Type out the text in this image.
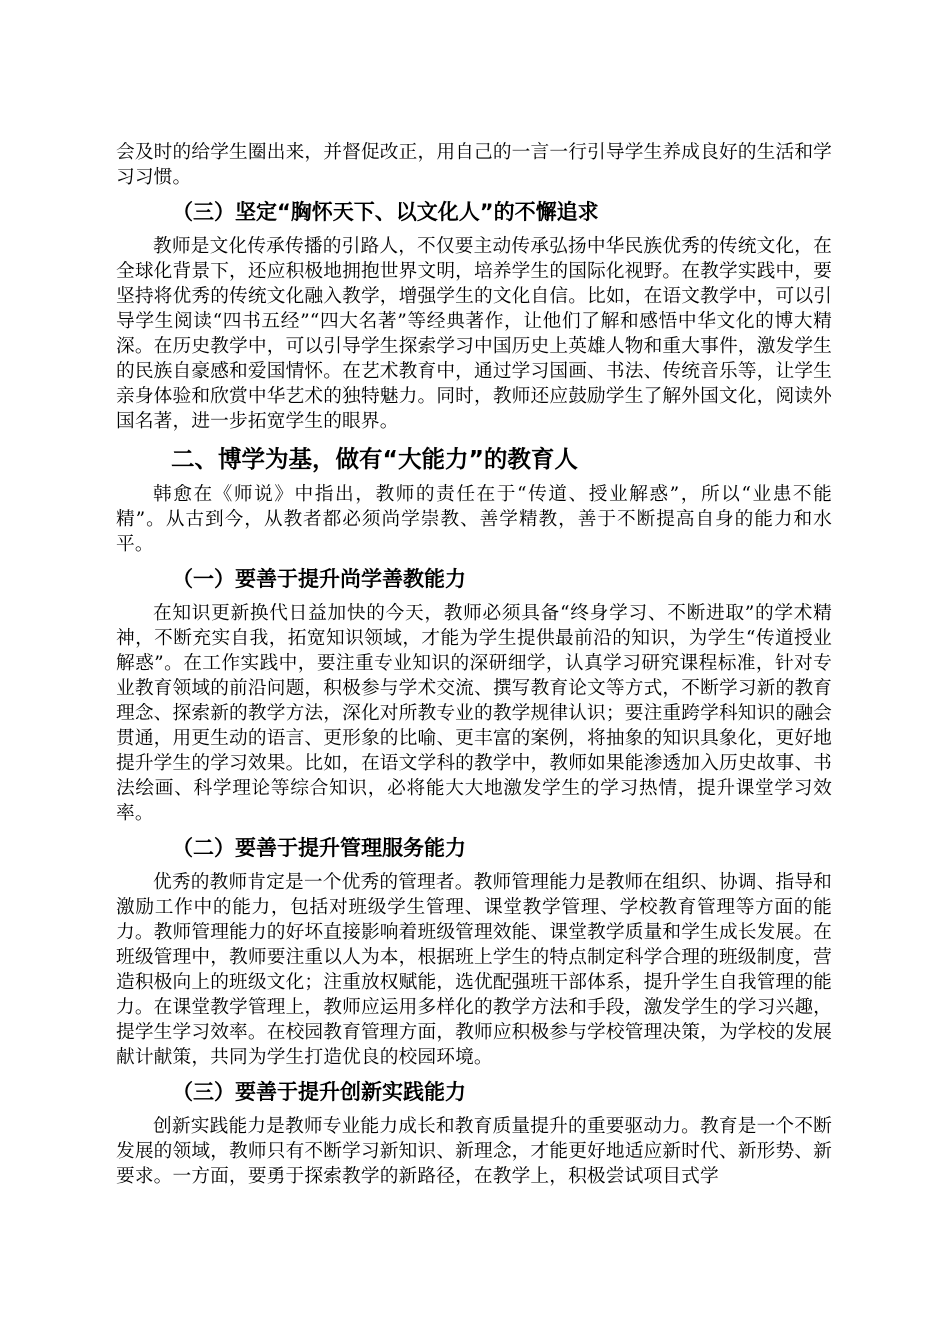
会及时的给学生圈出来，并督促改正，用自己的一言一行引导学生养成良好的生活和学习习惯。

（三）坚定“胸怀天下、以文化人”的不懈追求

教师是文化传承传播的引路人，不仅要主动传承弘扬中华民族优秀的传统文化，在全球化背景下，还应积极地拥抱世界文明，培养学生的国际化视野。在教学实践中，要坚持将优秀的传统文化融入教学，增强学生的文化自信。比如，在语文教学中，可以引导学生阅读“四书五经”“四大名著”等经典著作，让他们了解和感悟中华文化的博大精深。在历史教学中，可以引导学生探索学习中国历史上英雄人物和重大事件，激发学生的民族自豪感和爱国情怀。在艺术教育中，通过学习国画、书法、传统音乐等，让学生亲身体验和欣赏中华艺术的独特魅力。同时，教师还应鼓励学生了解外国文化，阅读外国名著，进一步拓宽学生的眼界。

二、博学为基，做有“大能力”的教育人

韩愈在《师说》中指出，教师的责任在于“传道、授业解惑”，所以“业患不能精”。从古到今，从教者都必须尚学崇教、善学精教，善于不断提高自身的能力和水平。

（一）要善于提升尚学善教能力

在知识更新换代日益加快的今天，教师必须具备“终身学习、不断进取”的学术精神，不断充实自我，拓宽知识领域，才能为学生提供最前沿的知识，为学生“传道授业解惑”。在工作实践中，要注重专业知识的深研细学，认真学习研究课程标准，针对专业教育领域的前沿问题，积极参与学术交流、撰写教育论文等方式，不断学习新的教育理念、探索新的教学方法，深化对所教专业的教学规律认识；要注重跨学科知识的融会贯通，用更生动的语言、更形象的比喻、更丰富的案例，将抽象的知识具象化，更好地提升学生的学习效果。比如，在语文学科的教学中，教师如果能渗透加入历史故事、书法绘画、科学理论等综合知识，必将能大大地激发学生的学习热情，提升课堂学习效率。

（二）要善于提升管理服务能力

优秀的教师肯定是一个优秀的管理者。教师管理能力是教师在组织、协调、指导和激励工作中的能力，包括对班级学生管理、课堂教学管理、学校教育管理等方面的能力。教师管理能力的好坏直接影响着班级管理效能、课堂教学质量和学生成长发展。在班级管理中，教师要注重以人为本，根据班上学生的特点制定科学合理的班级制度，营造积极向上的班级文化；注重放权赋能，选优配强班干部体系，提升学生自我管理的能力。在课堂教学管理上，教师应运用多样化的教学方法和手段，激发学生的学习兴趣，提学生学习效率。在校园教育管理方面，教师应积极参与学校管理决策，为学校的发展献计献策，共同为学生打造优良的校园环境。

（三）要善于提升创新实践能力

创新实践能力是教师专业能力成长和教育质量提升的重要驱动力。教育是一个不断发展的领域，教师只有不断学习新知识、新理念，才能更好地适应新时代、新形势、新要求。一方面，要勇于探索教学的新路径，在教学上，积极尝试项目式学
